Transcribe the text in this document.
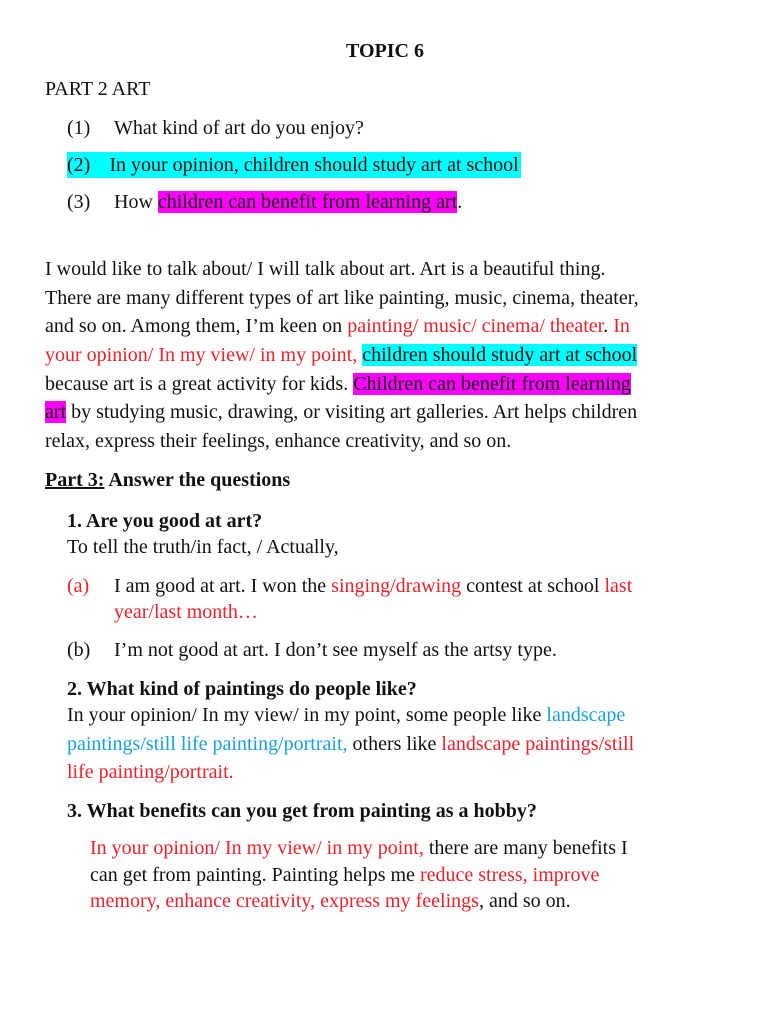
TOPIC 6
PART 2 ART
(1) What kind of art do you enjoy?
(2) In your opinion, children should study art at school
(3) How children can benefit from learning art.
I would like to talk about/ I will talk about art. Art is a beautiful thing.
There are many different types of art like painting, music, cinema, theater,
and so on. Among them, I’m keen on painting/ music/ cinema/ theater. In
your opinion/ In my view/ in my point, children should study art at school
because art is a great activity for kids. Children can benefit from learning
art by studying music, drawing, or visiting art galleries. Art helps children
relax, express their feelings, enhance creativity, and so on.
Part 3: Answer the questions
1. Are you good at art?
To tell the truth/in fact, / Actually,
(a) I am good at art. I won the singing/drawing contest at school last
year/last month…
(b) I’m not good at art. I don’t see myself as the artsy type.
2. What kind of paintings do people like?
In your opinion/ In my view/ in my point, some people like landscape
paintings/still life painting/portrait, others like landscape paintings/still
life painting/portrait.
3. What benefits can you get from painting as a hobby?
In your opinion/ In my view/ in my point, there are many benefits I
can get from painting. Painting helps me reduce stress, improve
memory, enhance creativity, express my feelings, and so on.
